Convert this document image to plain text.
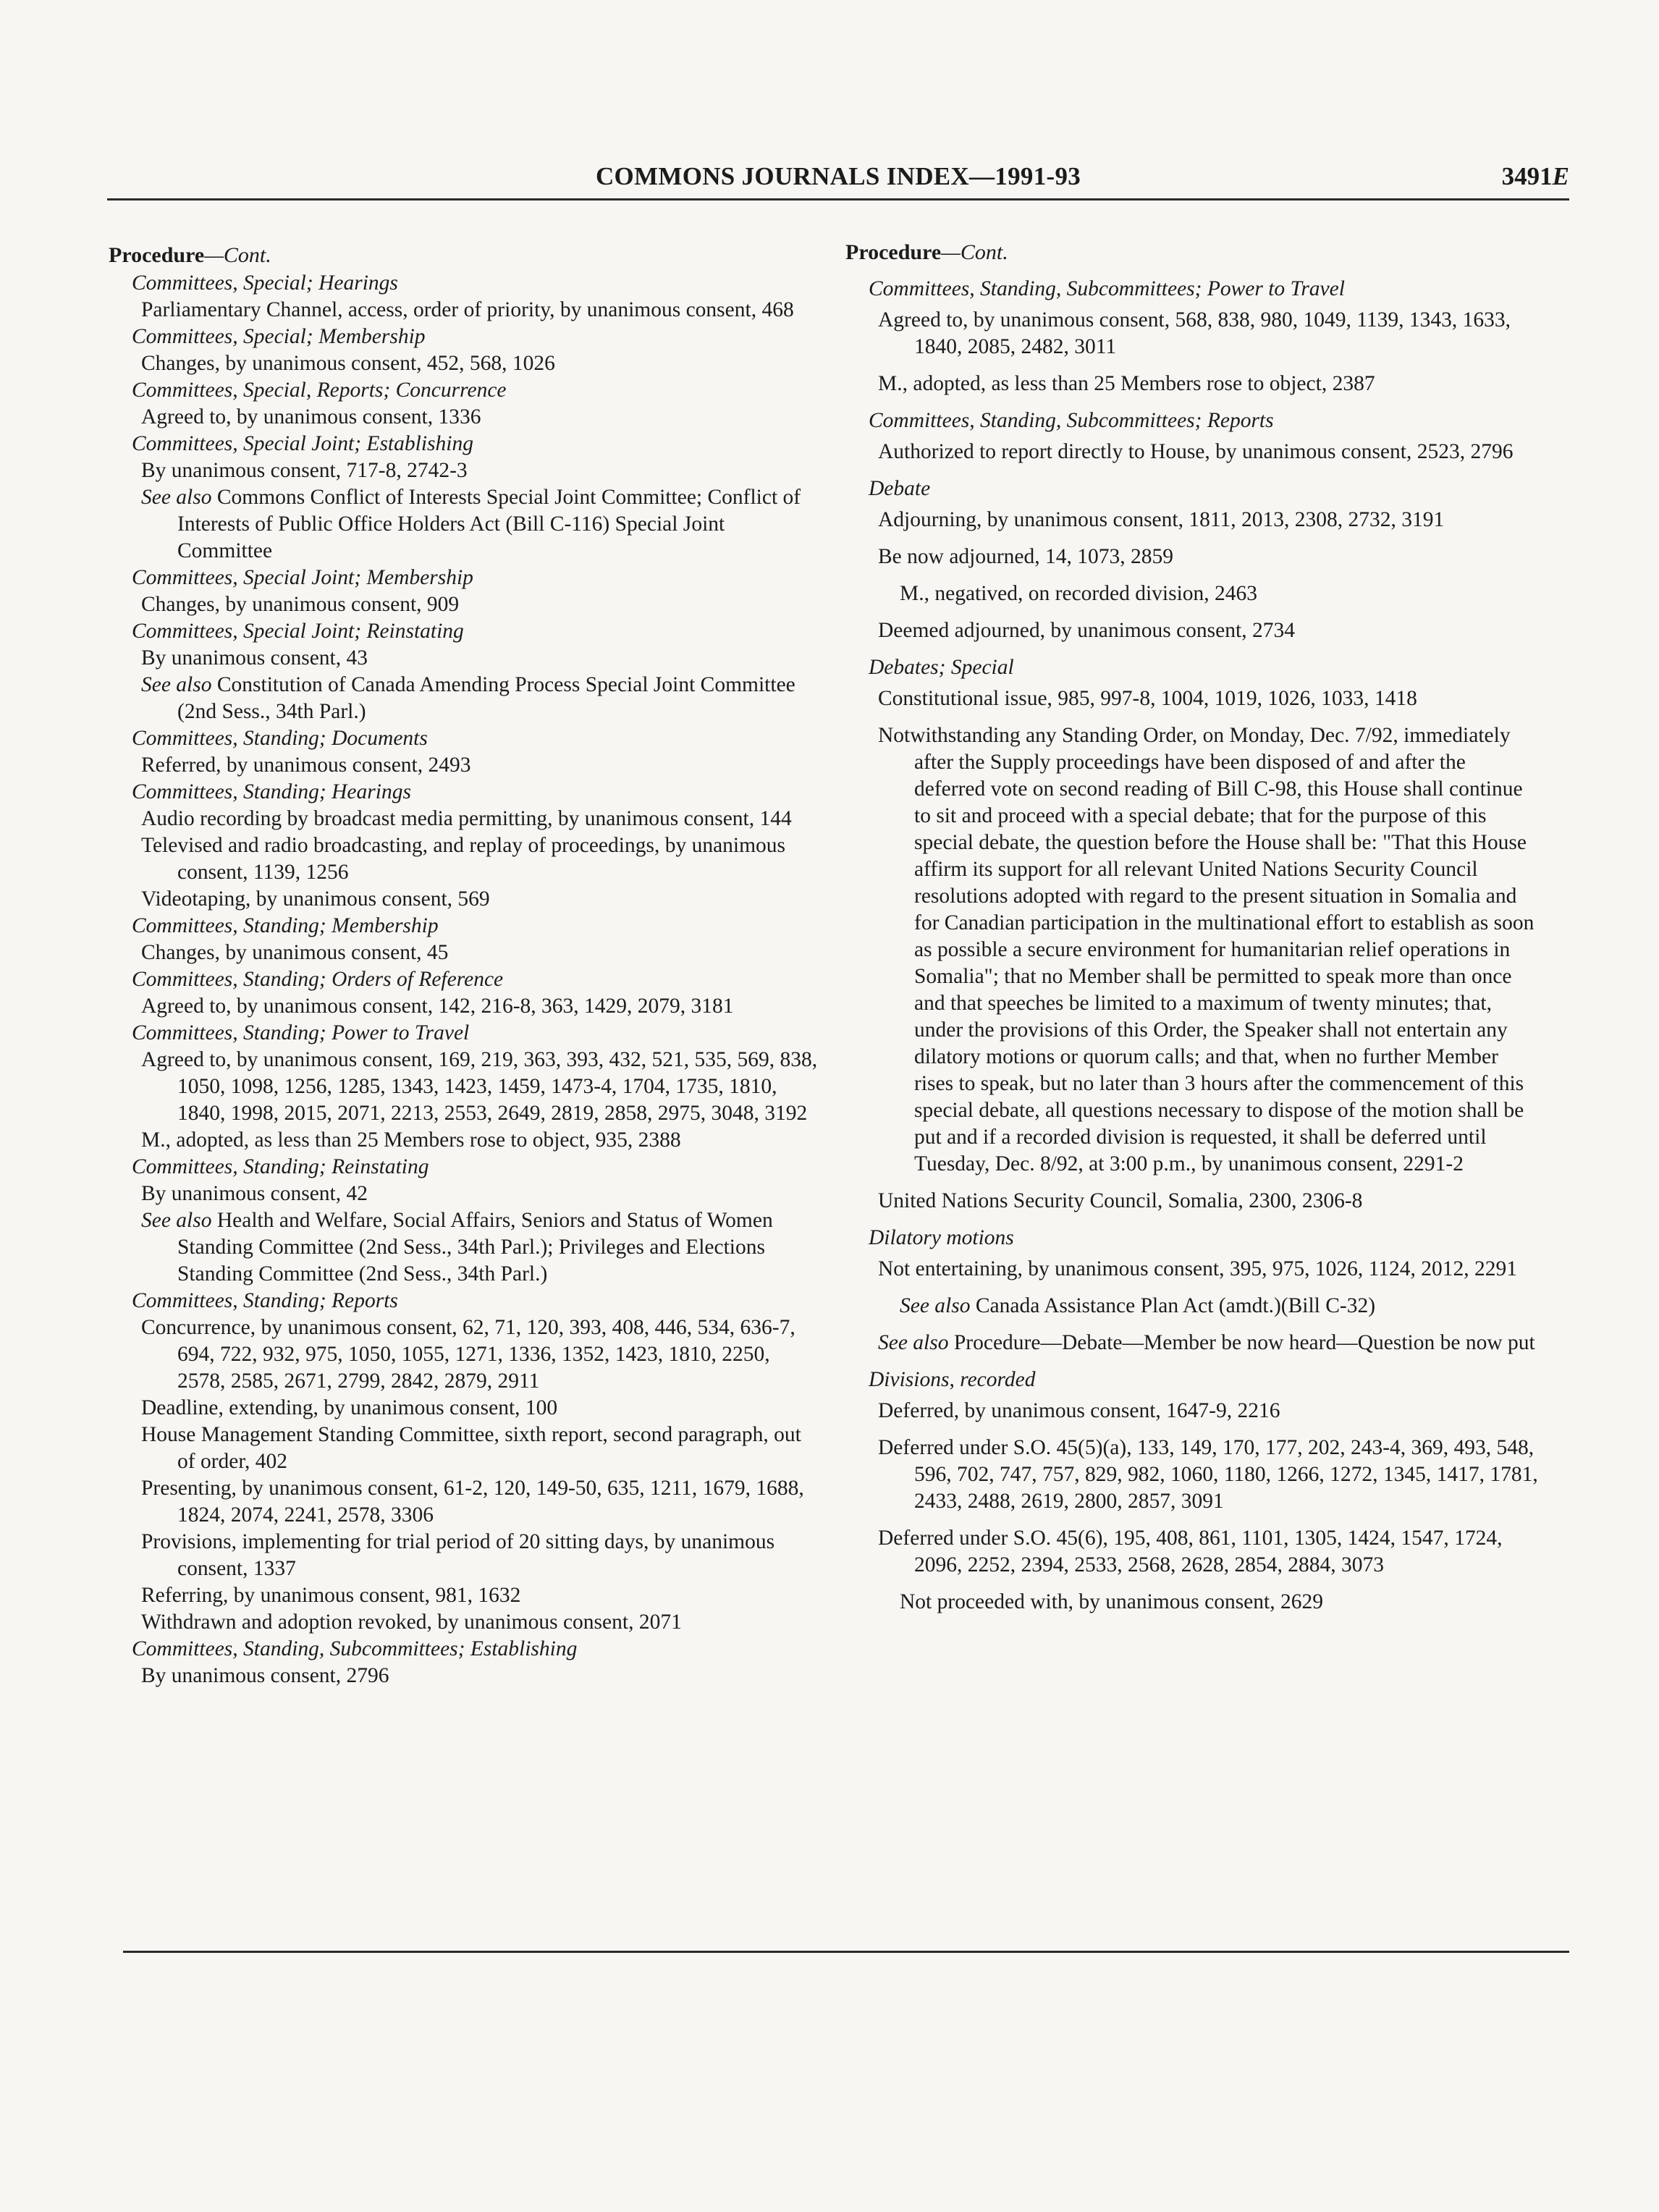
COMMONS JOURNALS INDEX—1991-93	3491E
Procedure—Cont.
Committees, Special; Hearings
Parliamentary Channel, access, order of priority, by unanimous consent, 468
Committees, Special; Membership
Changes, by unanimous consent, 452, 568, 1026
Committees, Special, Reports; Concurrence
Agreed to, by unanimous consent, 1336
Committees, Special Joint; Establishing
By unanimous consent, 717-8, 2742-3
See also Commons Conflict of Interests Special Joint Committee; Conflict of Interests of Public Office Holders Act (Bill C-116) Special Joint Committee
Committees, Special Joint; Membership
Changes, by unanimous consent, 909
Committees, Special Joint; Reinstating
By unanimous consent, 43
See also Constitution of Canada Amending Process Special Joint Committee (2nd Sess., 34th Parl.)
Committees, Standing; Documents
Referred, by unanimous consent, 2493
Committees, Standing; Hearings
Audio recording by broadcast media permitting, by unanimous consent, 144
Televised and radio broadcasting, and replay of proceedings, by unanimous consent, 1139, 1256
Videotaping, by unanimous consent, 569
Committees, Standing; Membership
Changes, by unanimous consent, 45
Committees, Standing; Orders of Reference
Agreed to, by unanimous consent, 142, 216-8, 363, 1429, 2079, 3181
Committees, Standing; Power to Travel
Agreed to, by unanimous consent, 169, 219, 363, 393, 432, 521, 535, 569, 838, 1050, 1098, 1256, 1285, 1343, 1423, 1459, 1473-4, 1704, 1735, 1810, 1840, 1998, 2015, 2071, 2213, 2553, 2649, 2819, 2858, 2975, 3048, 3192
M., adopted, as less than 25 Members rose to object, 935, 2388
Committees, Standing; Reinstating
By unanimous consent, 42
See also Health and Welfare, Social Affairs, Seniors and Status of Women Standing Committee (2nd Sess., 34th Parl.); Privileges and Elections Standing Committee (2nd Sess., 34th Parl.)
Committees, Standing; Reports
Concurrence, by unanimous consent, 62, 71, 120, 393, 408, 446, 534, 636-7, 694, 722, 932, 975, 1050, 1055, 1271, 1336, 1352, 1423, 1810, 2250, 2578, 2585, 2671, 2799, 2842, 2879, 2911
Deadline, extending, by unanimous consent, 100
House Management Standing Committee, sixth report, second paragraph, out of order, 402
Presenting, by unanimous consent, 61-2, 120, 149-50, 635, 1211, 1679, 1688, 1824, 2074, 2241, 2578, 3306
Provisions, implementing for trial period of 20 sitting days, by unanimous consent, 1337
Referring, by unanimous consent, 981, 1632
Withdrawn and adoption revoked, by unanimous consent, 2071
Committees, Standing, Subcommittees; Establishing
By unanimous consent, 2796
Procedure—Cont.
Committees, Standing, Subcommittees; Power to Travel
Agreed to, by unanimous consent, 568, 838, 980, 1049, 1139, 1343, 1633, 1840, 2085, 2482, 3011
M., adopted, as less than 25 Members rose to object, 2387
Committees, Standing, Subcommittees; Reports
Authorized to report directly to House, by unanimous consent, 2523, 2796
Debate
Adjourning, by unanimous consent, 1811, 2013, 2308, 2732, 3191
Be now adjourned, 14, 1073, 2859
M., negatived, on recorded division, 2463
Deemed adjourned, by unanimous consent, 2734
Debates; Special
Constitutional issue, 985, 997-8, 1004, 1019, 1026, 1033, 1418
Notwithstanding any Standing Order, on Monday, Dec. 7/92, immediately after the Supply proceedings have been disposed of and after the deferred vote on second reading of Bill C-98, this House shall continue to sit and proceed with a special debate; that for the purpose of this special debate, the question before the House shall be: "That this House affirm its support for all relevant United Nations Security Council resolutions adopted with regard to the present situation in Somalia and for Canadian participation in the multinational effort to establish as soon as possible a secure environment for humanitarian relief operations in Somalia"; that no Member shall be permitted to speak more than once and that speeches be limited to a maximum of twenty minutes; that, under the provisions of this Order, the Speaker shall not entertain any dilatory motions or quorum calls; and that, when no further Member rises to speak, but no later than 3 hours after the commencement of this special debate, all questions necessary to dispose of the motion shall be put and if a recorded division is requested, it shall be deferred until Tuesday, Dec. 8/92, at 3:00 p.m., by unanimous consent, 2291-2
United Nations Security Council, Somalia, 2300, 2306-8
Dilatory motions
Not entertaining, by unanimous consent, 395, 975, 1026, 1124, 2012, 2291
See also Canada Assistance Plan Act (amdt.)(Bill C-32)
See also Procedure—Debate—Member be now heard—Question be now put
Divisions, recorded
Deferred, by unanimous consent, 1647-9, 2216
Deferred under S.O. 45(5)(a), 133, 149, 170, 177, 202, 243-4, 369, 493, 548, 596, 702, 747, 757, 829, 982, 1060, 1180, 1266, 1272, 1345, 1417, 1781, 2433, 2488, 2619, 2800, 2857, 3091
Deferred under S.O. 45(6), 195, 408, 861, 1101, 1305, 1424, 1547, 1724, 2096, 2252, 2394, 2533, 2568, 2628, 2854, 2884, 3073
Not proceeded with, by unanimous consent, 2629
